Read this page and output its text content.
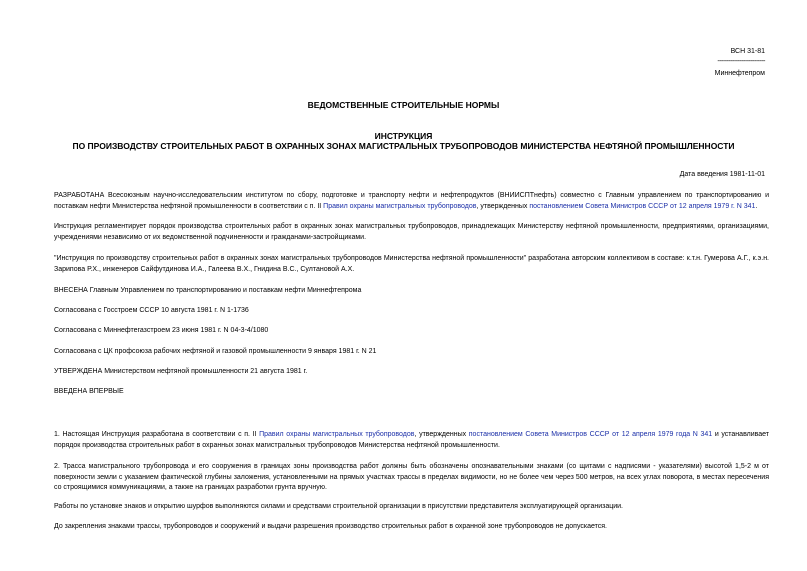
ВСН 31-81
--------------------------
Миннефтепром
ВЕДОМСТВЕННЫЕ СТРОИТЕЛЬНЫЕ НОРМЫ
ИНСТРУКЦИЯ
ПО ПРОИЗВОДСТВУ СТРОИТЕЛЬНЫХ РАБОТ В ОХРАННЫХ ЗОНАХ МАГИСТРАЛЬНЫХ ТРУБОПРОВОДОВ МИНИСТЕРСТВА НЕФТЯНОЙ ПРОМЫШЛЕННОСТИ
Дата введения 1981-11-01
РАЗРАБОТАНА Всесоюзным научно-исследовательским институтом по сбору, подготовке и транспорту нефти и нефтепродуктов (ВНИИСПТнефть) совместно с Главным управлением по транспортированию и поставкам нефти Министерства нефтяной промышленности в соответствии с п. II Правил охраны магистральных трубопроводов, утвержденных постановлением Совета Министров СССР от 12 апреля 1979 г. N 341.
Инструкция регламентирует порядок производства строительных работ в охранных зонах магистральных трубопроводов, принадлежащих Министерству нефтяной промышленности, предприятиями, организациями, учреждениями независимо от их ведомственной подчиненности и гражданами-застройщиками.
"Инструкция по производству строительных работ в охранных зонах магистральных трубопроводов Министерства нефтяной промышленности" разработана авторским коллективом в составе: к.т.н. Гумерова А.Г., к.э.н. Зарипова Р.Х., инженеров Сайфутдинова И.А., Галеева В.Х., Гнидина В.С., Султановой А.Х.
ВНЕСЕНА Главным Управлением по транспортированию и поставкам нефти Миннефтепрома
Согласована с Госстроем СССР 10 августа 1981 г. N 1-1736
Согласована с Миннефтегазстроем 23 июня 1981 г. N 04-3-4/1080
Согласована с ЦК профсоюза рабочих нефтяной и газовой промышленности 9 января 1981 г. N 21
УТВЕРЖДЕНА Министерством нефтяной промышленности 21 августа 1981 г.
ВВЕДЕНА ВПЕРВЫЕ
1. Настоящая Инструкция разработана в соответствии с п. II Правил охраны магистральных трубопроводов, утвержденных постановлением Совета Министров СССР от 12 апреля 1979 года N 341 и устанавливает порядок производства строительных работ в охранных зонах магистральных трубопроводов Министерства нефтяной промышленности.
2. Трасса магистрального трубопровода и его сооружения в границах зоны производства работ должны быть обозначены опознавательными знаками (со щитами с надписями - указателями) высотой 1,5-2 м от поверхности земли с указанием фактической глубины заложения, установленными на прямых участках трассы в пределах видимости, но не более чем через 500 метров, на всех углах поворота, в местах пересечения со строящимися коммуникациями, а также на границах разработки грунта вручную.
Работы по установке знаков и открытию шурфов выполняются силами и средствами строительной организации в присутствии представителя эксплуатирующей организации.
До закрепления знаками трассы, трубопроводов и сооружений и выдачи разрешения производство строительных работ в охранной зоне трубопроводов не допускается.
